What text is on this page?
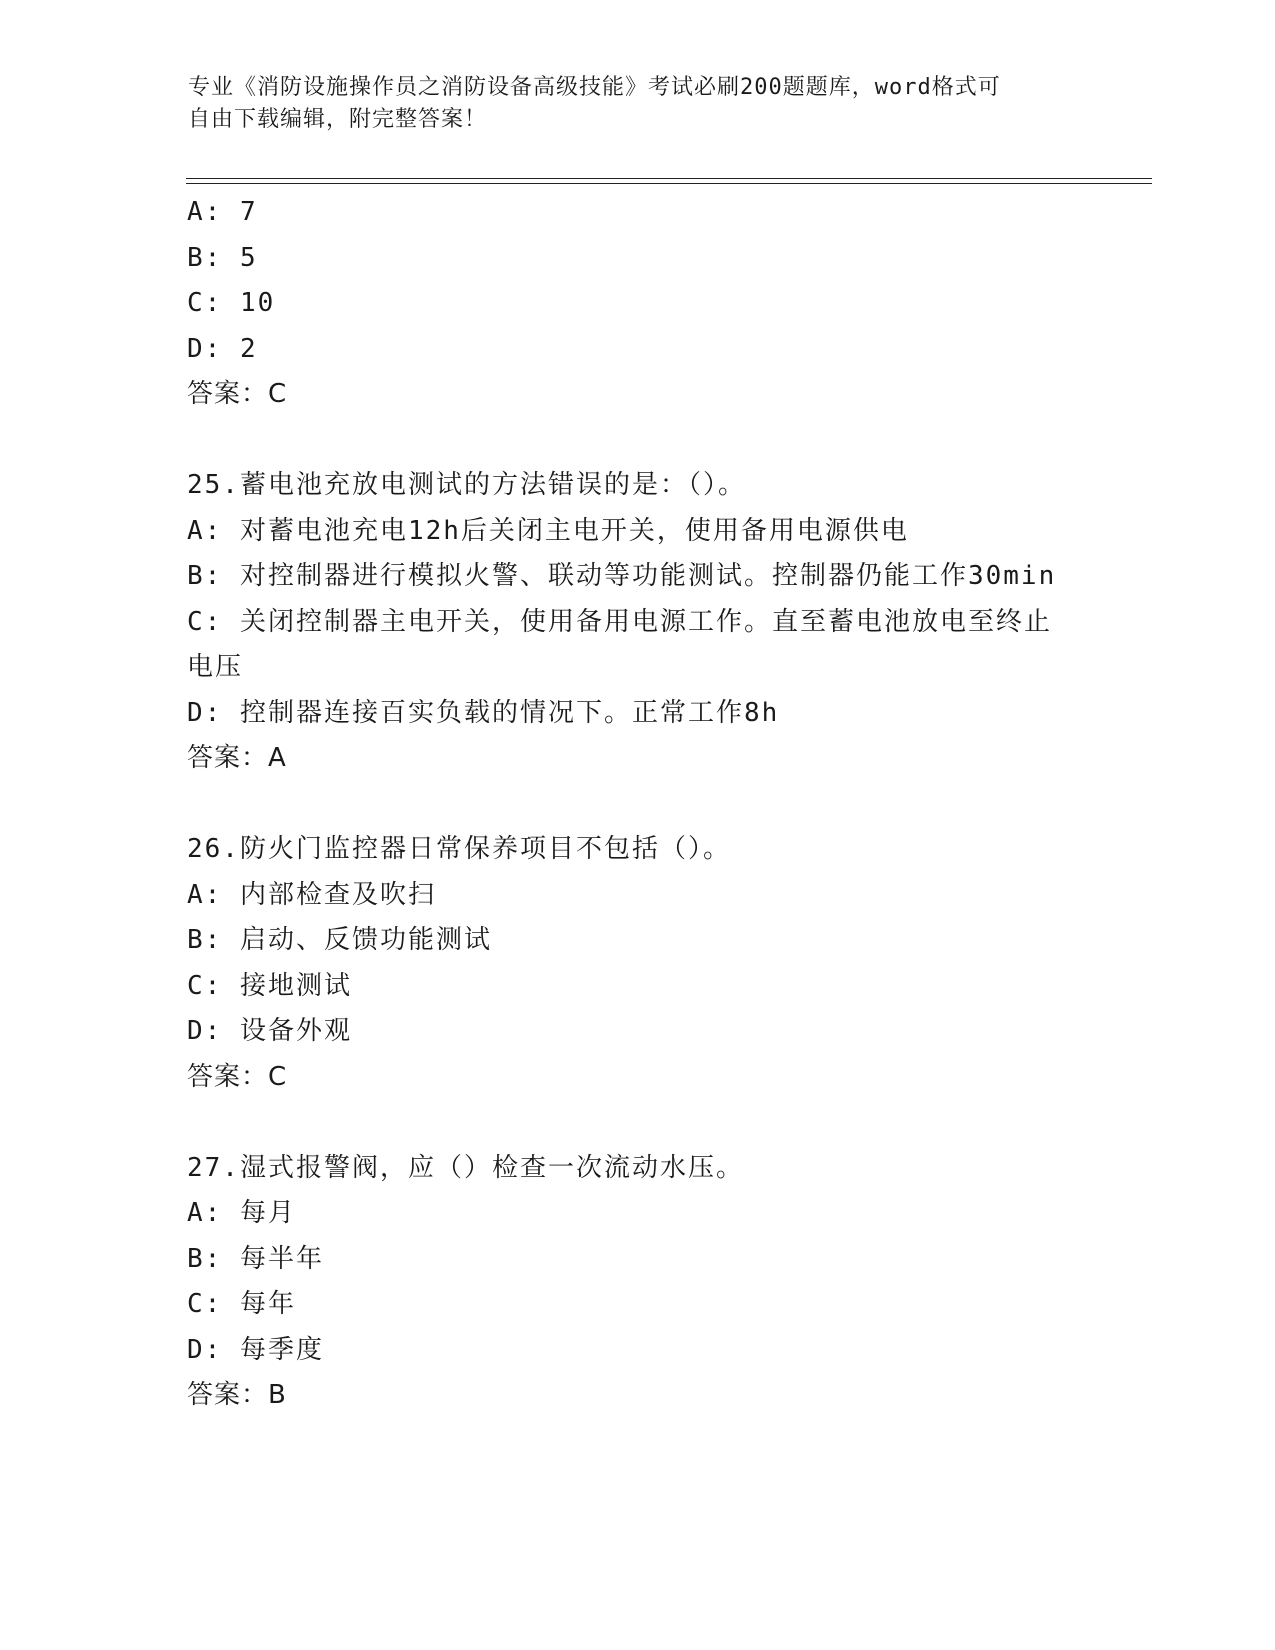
专业《消防设施操作员之消防设备高级技能》考试必刷200题题库，word格式可
自由下载编辑，附完整答案！
A: 7
B: 5
C: 10
D: 2
答案：C
25.蓄电池充放电测试的方法错误的是：（）。
A: 对蓄电池充电12h后关闭主电开关，使用备用电源供电
B: 对控制器进行模拟火警、联动等功能测试。控制器仍能工作30min
C: 关闭控制器主电开关，使用备用电源工作。直至蓄电池放电至终止
电压
D: 控制器连接百实负载的情况下。正常工作8h
答案：A
26.防火门监控器日常保养项目不包括（）。
A: 内部检查及吹扫
B: 启动、反馈功能测试
C: 接地测试
D: 设备外观
答案：C
27.湿式报警阀，应（）检查一次流动水压。
A: 每月
B: 每半年
C: 每年
D: 每季度
答案：B
